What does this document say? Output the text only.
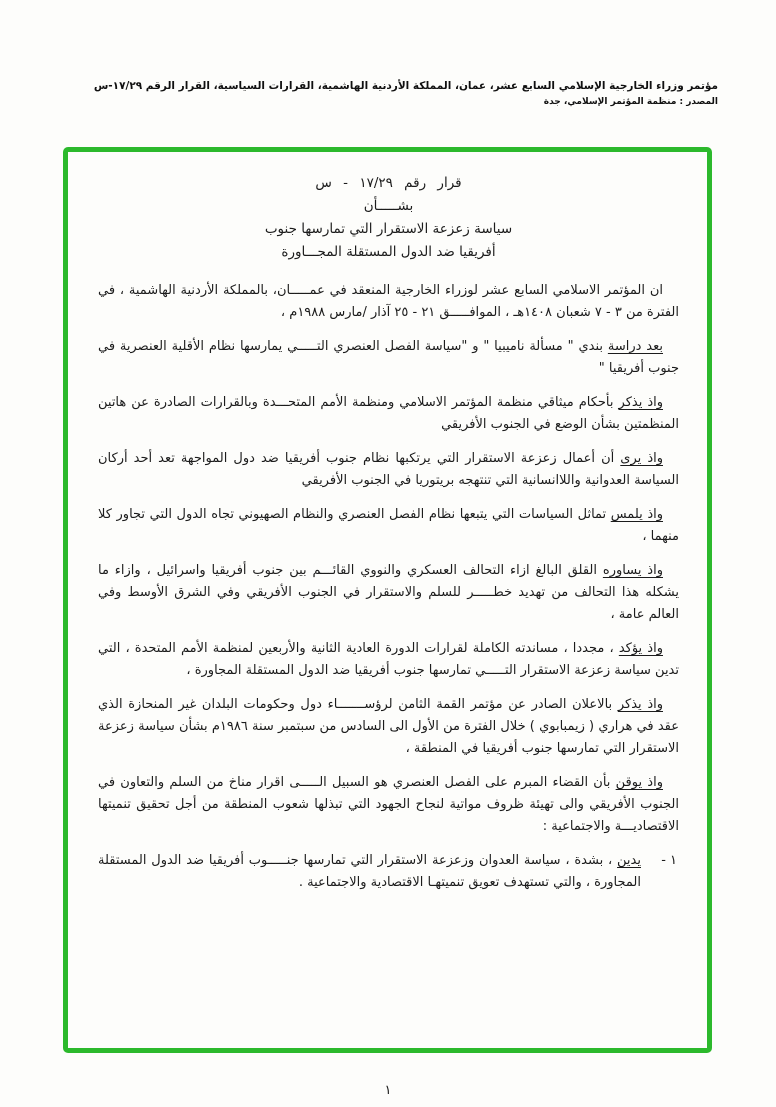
مؤتمر وزراء الخارجية الإسلامي السابع عشر، عمان، المملكة الأردنية الهاشمية، القرارات السياسية، القرار الرقم ١٧/٢٩-س
المصدر : منظمة المؤتمر الإسلامي، جدة
قرار رقم ١٧/٢٩ - س
بشـــــأن
سياسة زعزعة الاستقرار التي تمارسها جنوب
أفريقيا ضد الدول المستقلة المجـــاورة

ان المؤتمر الاسلامي السابع عشر لوزراء الخارجية المنعقد في عمـــــان، بالمملكة الأردنية الهاشمية ، في الفترة من ٣ - ٧ شعبان ١٤٠٨هـ ، الموافـــــق ٢١ - ٢٥ آذار /مارس ١٩٨٨م ،

بعد دراسة بندي " مسألة ناميبيا " و "سياسة الفصل العنصري التـــــي يمارسها نظام الأقلية العنصرية في جنوب أفريقيا "

واذ يذكر بأحكام ميثاقي منظمة المؤتمر الاسلامي ومنظمة الأمم المتحـــدة وبالقرارات الصادرة عن هاتين المنظمتين بشأن الوضع في الجنوب الأفريقي

واذ يرى أن أعمال زعزعة الاستقرار التي يرتكبها نظام جنوب أفريقيا ضد دول المواجهة تعد أحد أركان السياسة العدوانية واللاانسانية التي تنتهجه بريتوريا في الجنوب الأفريقي

واذ يلمس تماثل السياسات التي يتبعها نظام الفصل العنصري والنظام الصهيوني تجاه الدول التي تجاور كلا منهما ،

واذ يساوره القلق البالغ ازاء التحالف العسكري والنووي القائـــم بين جنوب أفريقيا واسرائيل ، وازاء ما يشكله هذا التحالف من تهديد خطـــــر للسلم والاستقرار في الجنوب الأفريقي وفي الشرق الأوسط وفي العالم عامة ،

واذ يؤكد ، مجددا ، مساندته الكاملة لقرارات الدورة العادية الثانية والأربعين لمنظمة الأمم المتحدة ، التي تدين سياسة زعزعة الاستقرار التـــــي تمارسها جنوب أفريقيا ضد الدول المستقلة المجاورة ،

واذ يذكر بالاعلان الصادر عن مؤتمر القمة الثامن لرؤســـــــاء دول وحكومات البلدان غير المنحازة الذي عقد في هراري ( زيمبابوي ) خلال الفترة من الأول الى السادس من سبتمبر سنة ١٩٨٦م بشأن سياسة زعزعة الاستقرار التي تمارسها جنوب أفريقيا في المنطقة ،

واذ يوقن بأن القضاء المبرم على الفصل العنصري هو السبيل الـــــى اقرار مناخ من السلم والتعاون في الجنوب الأفريقي والى تهيئة ظروف مواتية لنجاح الجهود التي تبذلها شعوب المنطقة من أجل تحقيق تنميتها الاقتصاديـــة والاجتماعية :

١ -
يدين ، بشدة ، سياسة العدوان وزعزعة الاستقرار التي تمارسها جنـــــوب أفريقيا ضد الدول المستقلة المجاورة ، والتي تستهدف تعويق تنميتهـا الاقتصادية والاجتماعية .
١
